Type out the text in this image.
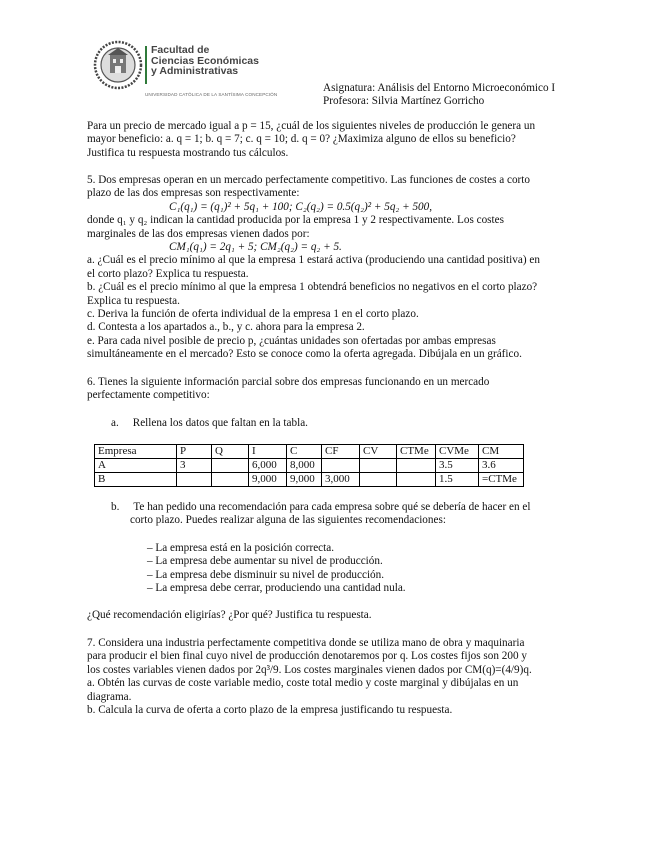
Facultad de
Ciencias Económicas
y Administrativas
UNIVERSIDAD CATÓLICA DE LA SANTÍSIMA CONCEPCIÓN
Asignatura: Análisis del Entorno Microeconómico I
Profesora: Silvia Martínez Gorricho
Para un precio de mercado igual a p = 15, ¿cuál de los siguientes niveles de producción le genera un
mayor beneficio: a. q = 1; b. q = 7; c. q = 10; d. q = 0? ¿Maximiza alguno de ellos su beneficio?
Justifica tu respuesta mostrando tus cálculos.
5. Dos empresas operan en un mercado perfectamente competitivo. Las funciones de costes a corto
plazo de las dos empresas son respectivamente:
C₁(q₁) = (q₁)² + 5q₁ + 100; C₂(q₂) = 0.5(q₂)² + 5q₂ + 500,
donde q₁ y q₂ indican la cantidad producida por la empresa 1 y 2 respectivamente. Los costes
marginales de las dos empresas vienen dados por:
CM₁(q₁) = 2q₁ + 5; CM₂(q₂) = q₂ + 5.
a. ¿Cuál es el precio mínimo al que la empresa 1 estará activa (produciendo una cantidad positiva) en
el corto plazo? Explica tu respuesta.
b. ¿Cuál es el precio mínimo al que la empresa 1 obtendrá beneficios no negativos en el corto plazo?
Explica tu respuesta.
c. Deriva la función de oferta individual de la empresa 1 en el corto plazo.
d. Contesta a los apartados a., b., y c. ahora para la empresa 2.
e. Para cada nivel posible de precio p, ¿cuántas unidades son ofertadas por ambas empresas
simultáneamente en el mercado? Esto se conoce como la oferta agregada. Dibújala en un gráfico.
6. Tienes la siguiente información parcial sobre dos empresas funcionando en un mercado
perfectamente competitivo:
a.     Rellena los datos que faltan en la tabla.
Empresa	P	Q	I	C	CF	CV	CTMe	CVMe	CM
A	3		6,000	8,000				3.5	3.6
B			9,000	9,000	3,000			1.5	=CTMe
b.     Te han pedido una recomendación para cada empresa sobre qué se debería de hacer en el
corto plazo. Puedes realizar alguna de las siguientes recomendaciones:
– La empresa está en la posición correcta.
– La empresa debe aumentar su nivel de producción.
– La empresa debe disminuir su nivel de producción.
– La empresa debe cerrar, produciendo una cantidad nula.
¿Qué recomendación eligirías? ¿Por qué? Justifica tu respuesta.
7. Considera una industria perfectamente competitiva donde se utiliza mano de obra y maquinaria
para producir el bien final cuyo nivel de producción denotaremos por q. Los costes fijos son 200 y
los costes variables vienen dados por 2q³/9. Los costes marginales vienen dados por CM(q)=(4/9)q.
a. Obtén las curvas de coste variable medio, coste total medio y coste marginal y dibújalas en un
diagrama.
b. Calcula la curva de oferta a corto plazo de la empresa justificando tu respuesta.
